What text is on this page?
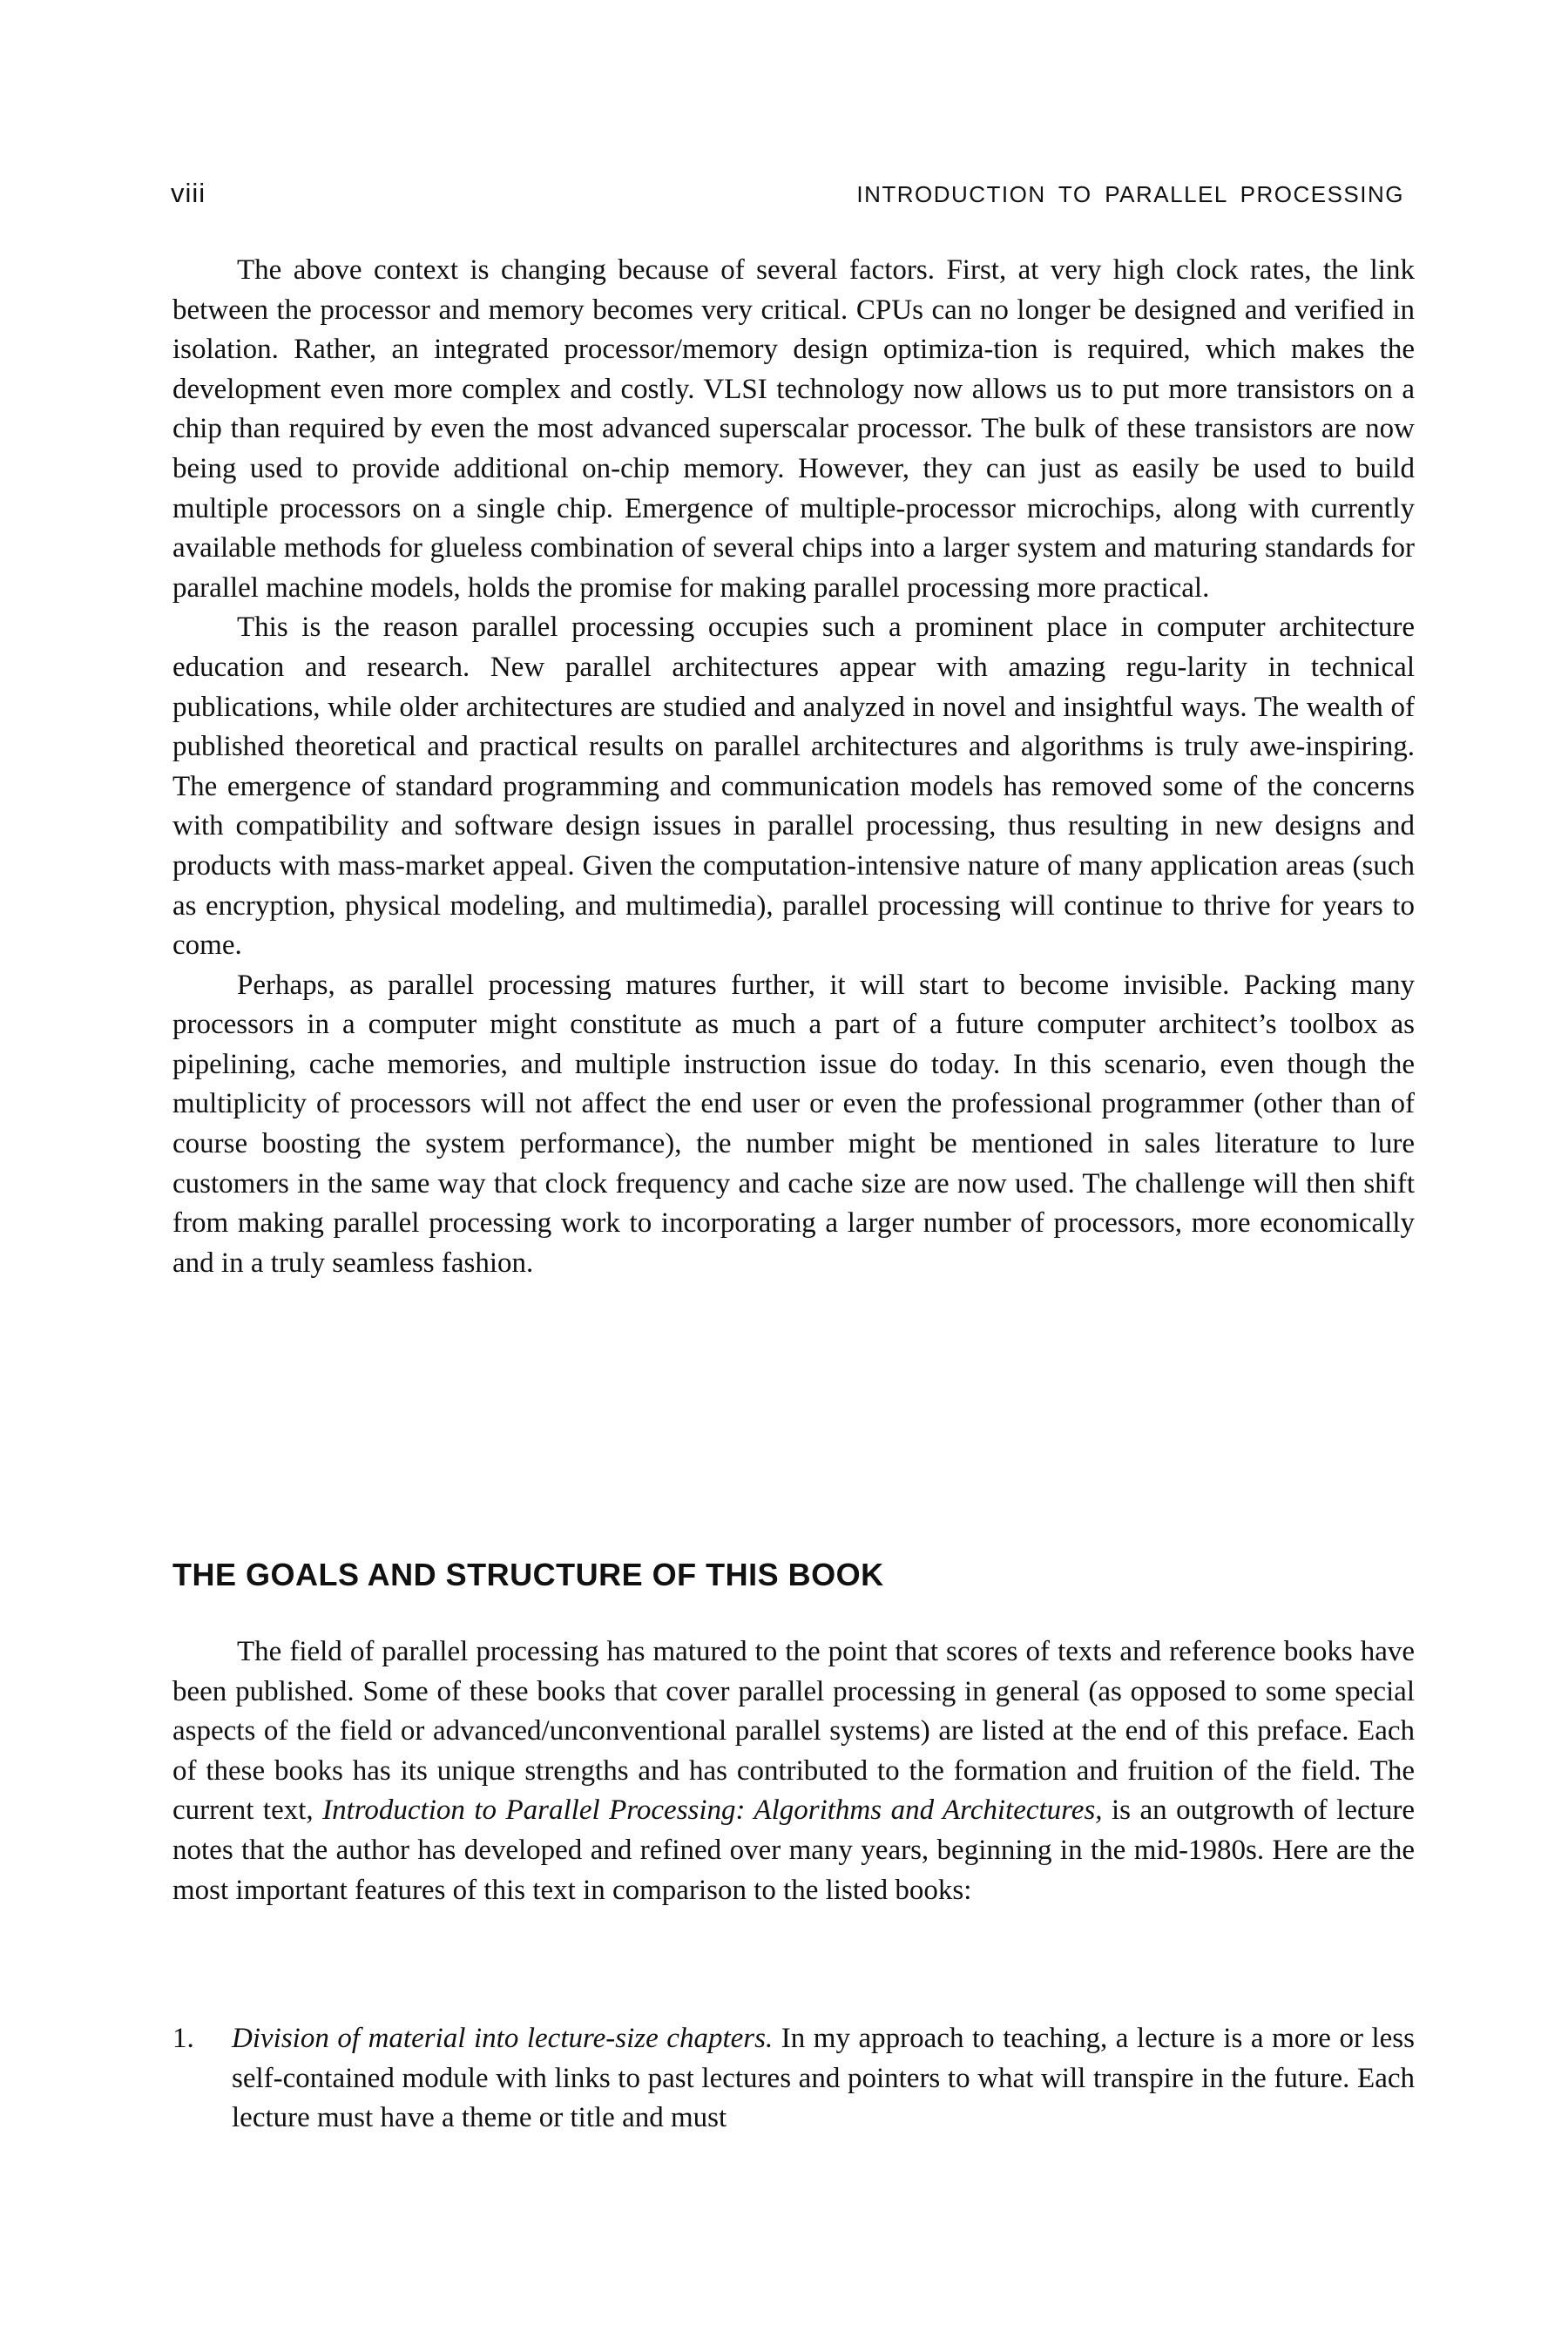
viii	INTRODUCTION TO PARALLEL PROCESSING

The above context is changing because of several factors. First, at very high clock rates, the link between the processor and memory becomes very critical. CPUs can no longer be designed and verified in isolation. Rather, an integrated processor/memory design optimiza-tion is required, which makes the development even more complex and costly. VLSI technology now allows us to put more transistors on a chip than required by even the most advanced superscalar processor. The bulk of these transistors are now being used to provide additional on-chip memory. However, they can just as easily be used to build multiple processors on a single chip. Emergence of multiple-processor microchips, along with currently available methods for glueless combination of several chips into a larger system and maturing standards for parallel machine models, holds the promise for making parallel processing more practical.

This is the reason parallel processing occupies such a prominent place in computer architecture education and research. New parallel architectures appear with amazing regu-larity in technical publications, while older architectures are studied and analyzed in novel and insightful ways. The wealth of published theoretical and practical results on parallel architectures and algorithms is truly awe-inspiring. The emergence of standard programming and communication models has removed some of the concerns with compatibility and software design issues in parallel processing, thus resulting in new designs and products with mass-market appeal. Given the computation-intensive nature of many application areas (such as encryption, physical modeling, and multimedia), parallel processing will continue to thrive for years to come.

Perhaps, as parallel processing matures further, it will start to become invisible. Packing many processors in a computer might constitute as much a part of a future computer architect’s toolbox as pipelining, cache memories, and multiple instruction issue do today. In this scenario, even though the multiplicity of processors will not affect the end user or even the professional programmer (other than of course boosting the system performance), the number might be mentioned in sales literature to lure customers in the same way that clock frequency and cache size are now used. The challenge will then shift from making parallel processing work to incorporating a larger number of processors, more economically and in a truly seamless fashion.

THE GOALS AND STRUCTURE OF THIS BOOK

The field of parallel processing has matured to the point that scores of texts and reference books have been published. Some of these books that cover parallel processing in general (as opposed to some special aspects of the field or advanced/unconventional parallel systems) are listed at the end of this preface. Each of these books has its unique strengths and has contributed to the formation and fruition of the field. The current text, Introduction to Parallel Processing: Algorithms and Architectures, is an outgrowth of lecture notes that the author has developed and refined over many years, beginning in the mid-1980s. Here are the most important features of this text in comparison to the listed books:

1. Division of material into lecture-size chapters. In my approach to teaching, a lecture is a more or less self-contained module with links to past lectures and pointers to what will transpire in the future. Each lecture must have a theme or title and must
